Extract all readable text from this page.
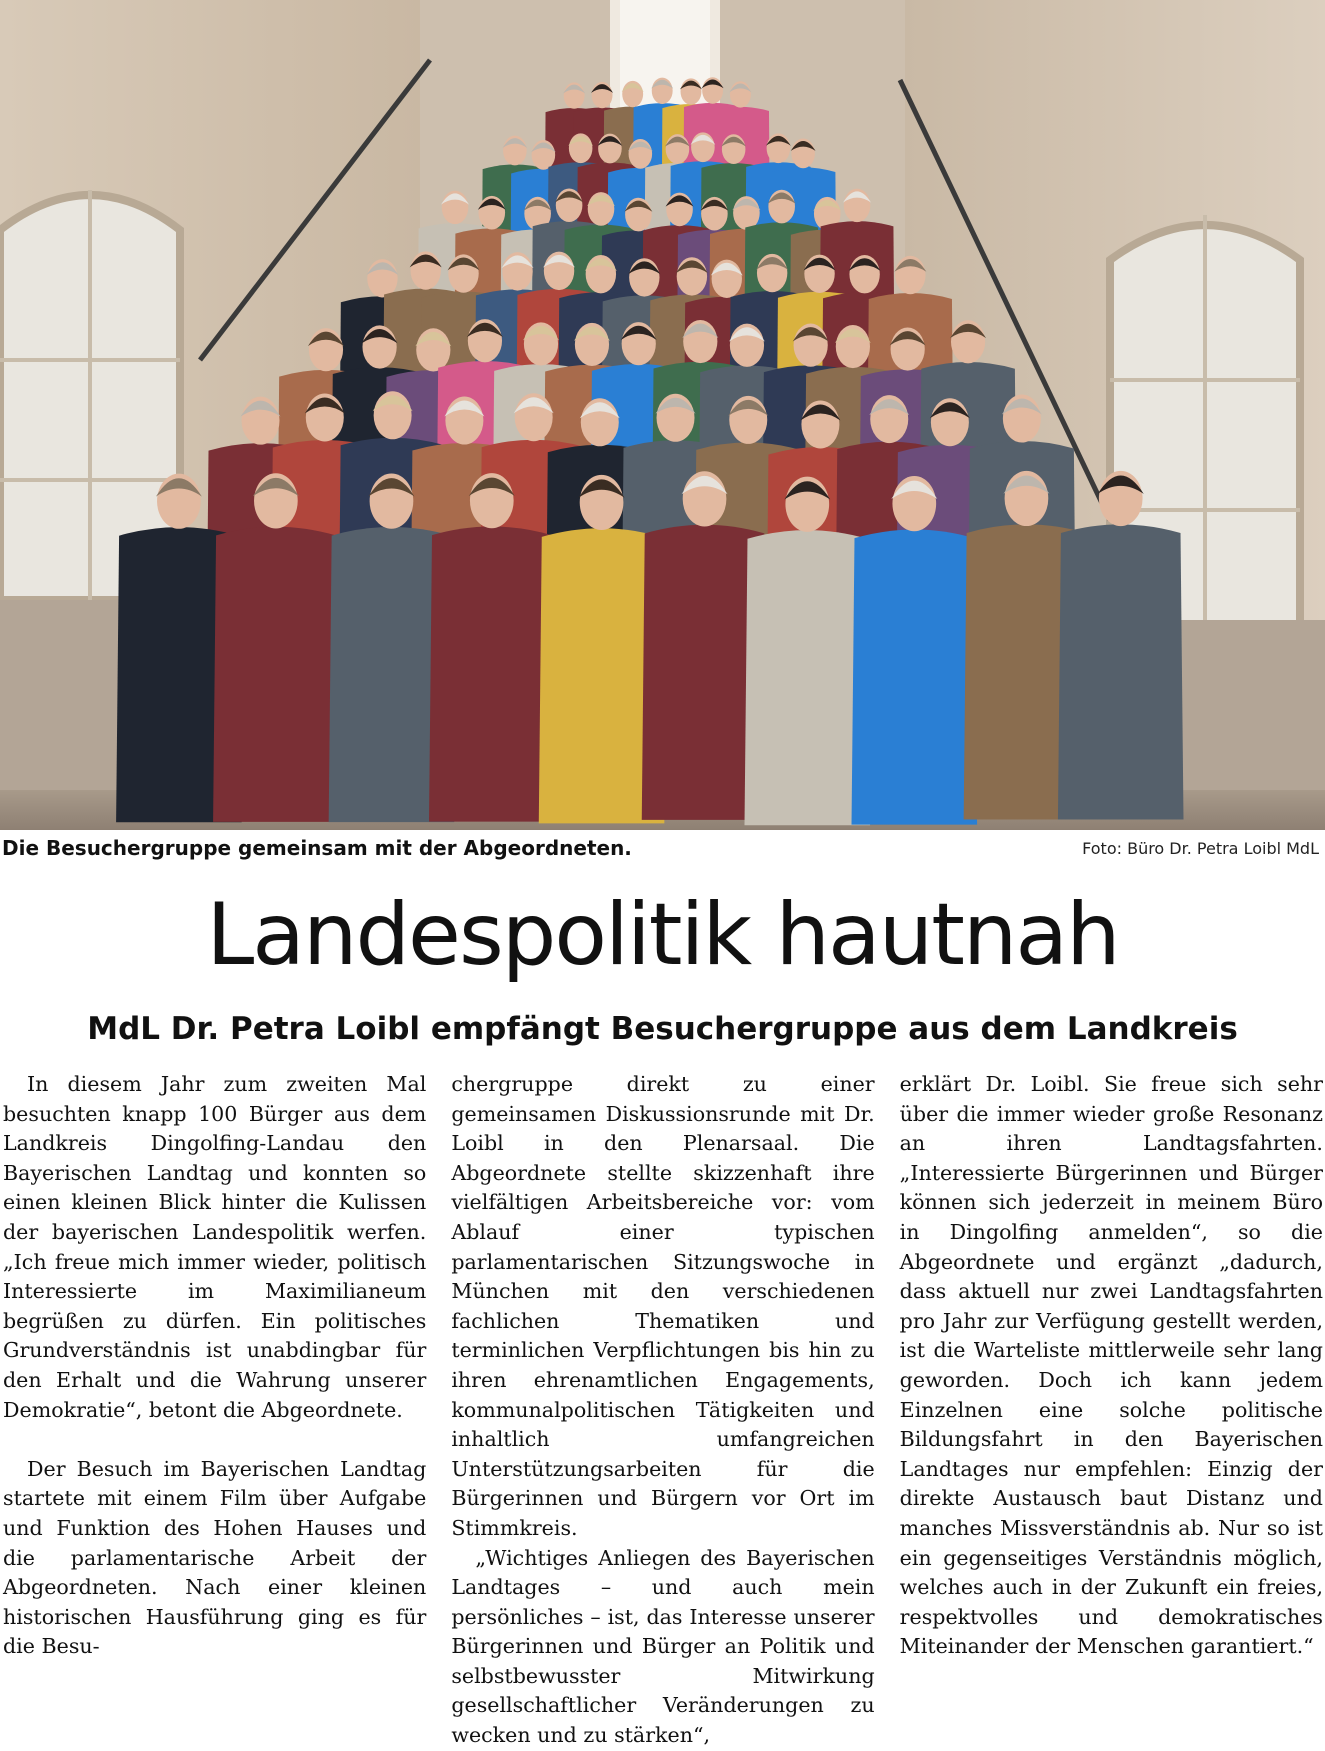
Die Besuchergruppe gemeinsam mit der Abgeordneten.	Foto: Büro Dr. Petra Loibl MdL
Landespolitik hautnah
MdL Dr. Petra Loibl empfängt Besuchergruppe aus dem Landkreis

In diesem Jahr zum zweiten Mal besuchten knapp 100 Bürger aus dem Landkreis Dingolfing-Landau den Bayerischen Landtag und konnten so einen kleinen Blick hinter die Kulissen der bayerischen Landespolitik werfen. „Ich freue mich immer wieder, politisch Interessierte im Maximilianeum begrüßen zu dürfen. Ein politisches Grundverständnis ist unabdingbar für den Erhalt und die Wahrung unserer Demokratie“, betont die Abgeordnete.

Der Besuch im Bayerischen Landtag startete mit einem Film über Aufgabe und Funktion des Hohen Hauses und die parlamentarische Arbeit der Abgeordneten. Nach einer kleinen historischen Hausführung ging es für die Besu-

chergruppe direkt zu einer gemeinsamen Diskussionsrunde mit Dr. Loibl in den Plenarsaal. Die Abgeordnete stellte skizzenhaft ihre vielfältigen Arbeitsbereiche vor: vom Ablauf einer typischen parlamentarischen Sitzungswoche in München mit den verschiedenen fachlichen Thematiken und terminlichen Verpflichtungen bis hin zu ihren ehrenamtlichen Engagements, kommunalpolitischen Tätigkeiten und inhaltlich umfangreichen Unterstützungsarbeiten für die Bürgerinnen und Bürgern vor Ort im Stimmkreis.

„Wichtiges Anliegen des Bayerischen Landtages – und auch mein persönliches – ist, das Interesse unserer Bürgerinnen und Bürger an Politik und selbstbewusster Mitwirkung gesellschaftlicher Veränderungen zu wecken und zu stärken“,

erklärt Dr. Loibl. Sie freue sich sehr über die immer wieder große Resonanz an ihren Landtagsfahrten. „Interessierte Bürgerinnen und Bürger können sich jederzeit in meinem Büro in Dingolfing anmelden“, so die Abgeordnete und ergänzt „dadurch, dass aktuell nur zwei Landtagsfahrten pro Jahr zur Verfügung gestellt werden, ist die Warteliste mittlerweile sehr lang geworden. Doch ich kann jedem Einzelnen eine solche politische Bildungsfahrt in den Bayerischen Landtages nur empfehlen: Einzig der direkte Austausch baut Distanz und manches Missverständnis ab. Nur so ist ein gegenseitiges Verständnis möglich, welches auch in der Zukunft ein freies, respektvolles und demokratisches Miteinander der Menschen garantiert.“
